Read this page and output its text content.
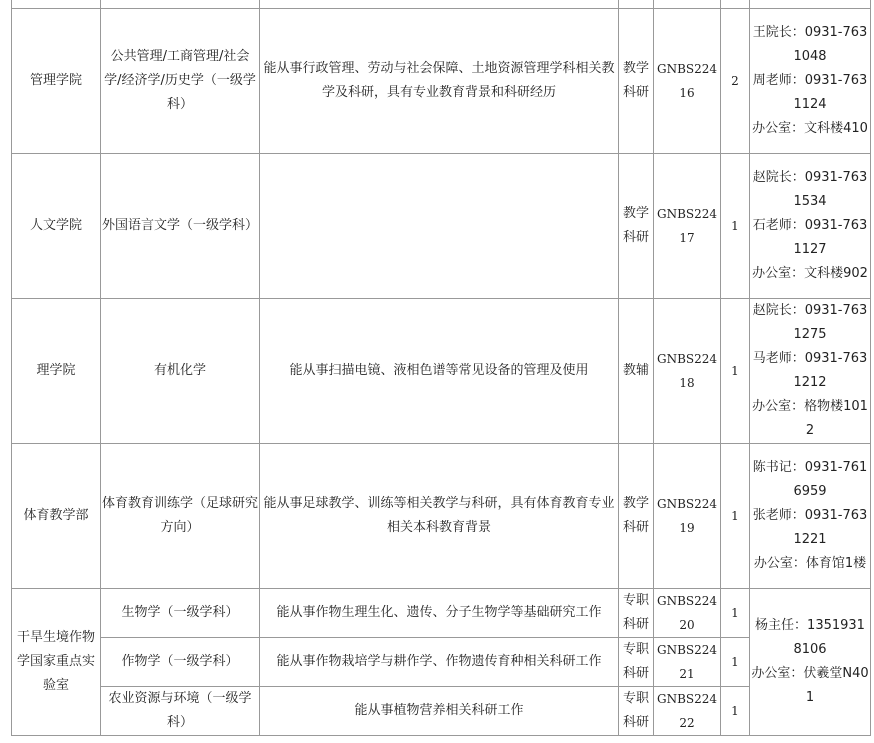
管理学院	公共管理/工商管理/社会学/经济学/历史学（一级学科）	能从事行政管理、劳动与社会保障、土地资源管理学科相关教学及科研，具有专业教育背景和科研经历	教学科研	GNBS22416	2	王院长：0931-7631048
周老师：0931-7631124
办公室：文科楼410

人文学院	外国语言文学（一级学科）		教学科研	GNBS22417	1	赵院长：0931-7631534
石老师：0931-7631127
办公室：文科楼902

理学院	有机化学	能从事扫描电镜、液相色谱等常见设备的管理及使用	教辅	GNBS22418	1	赵院长：0931-7631275
马老师：0931-7631212
办公室：格物楼1012

体育教学部	体育教育训练学（足球研究方向）	能从事足球教学、训练等相关教学与科研，具有体育教育专业相关本科教育背景	教学科研	GNBS22419	1	陈书记：0931-7616959
张老师：0931-7631221
办公室：体育馆1楼

干旱生境作物学国家重点实验室	生物学（一级学科）	能从事作物生理生化、遗传、分子生物学等基础研究工作	专职科研	GNBS22420	1	杨主任：13519318106
办公室：伏羲堂N401

	作物学（一级学科）	能从事作物栽培学与耕作学、作物遗传育种相关科研工作	专职科研	GNBS22421	1	
	农业资源与环境（一级学科）	能从事植物营养相关科研工作	专职科研	GNBS22422	1	
